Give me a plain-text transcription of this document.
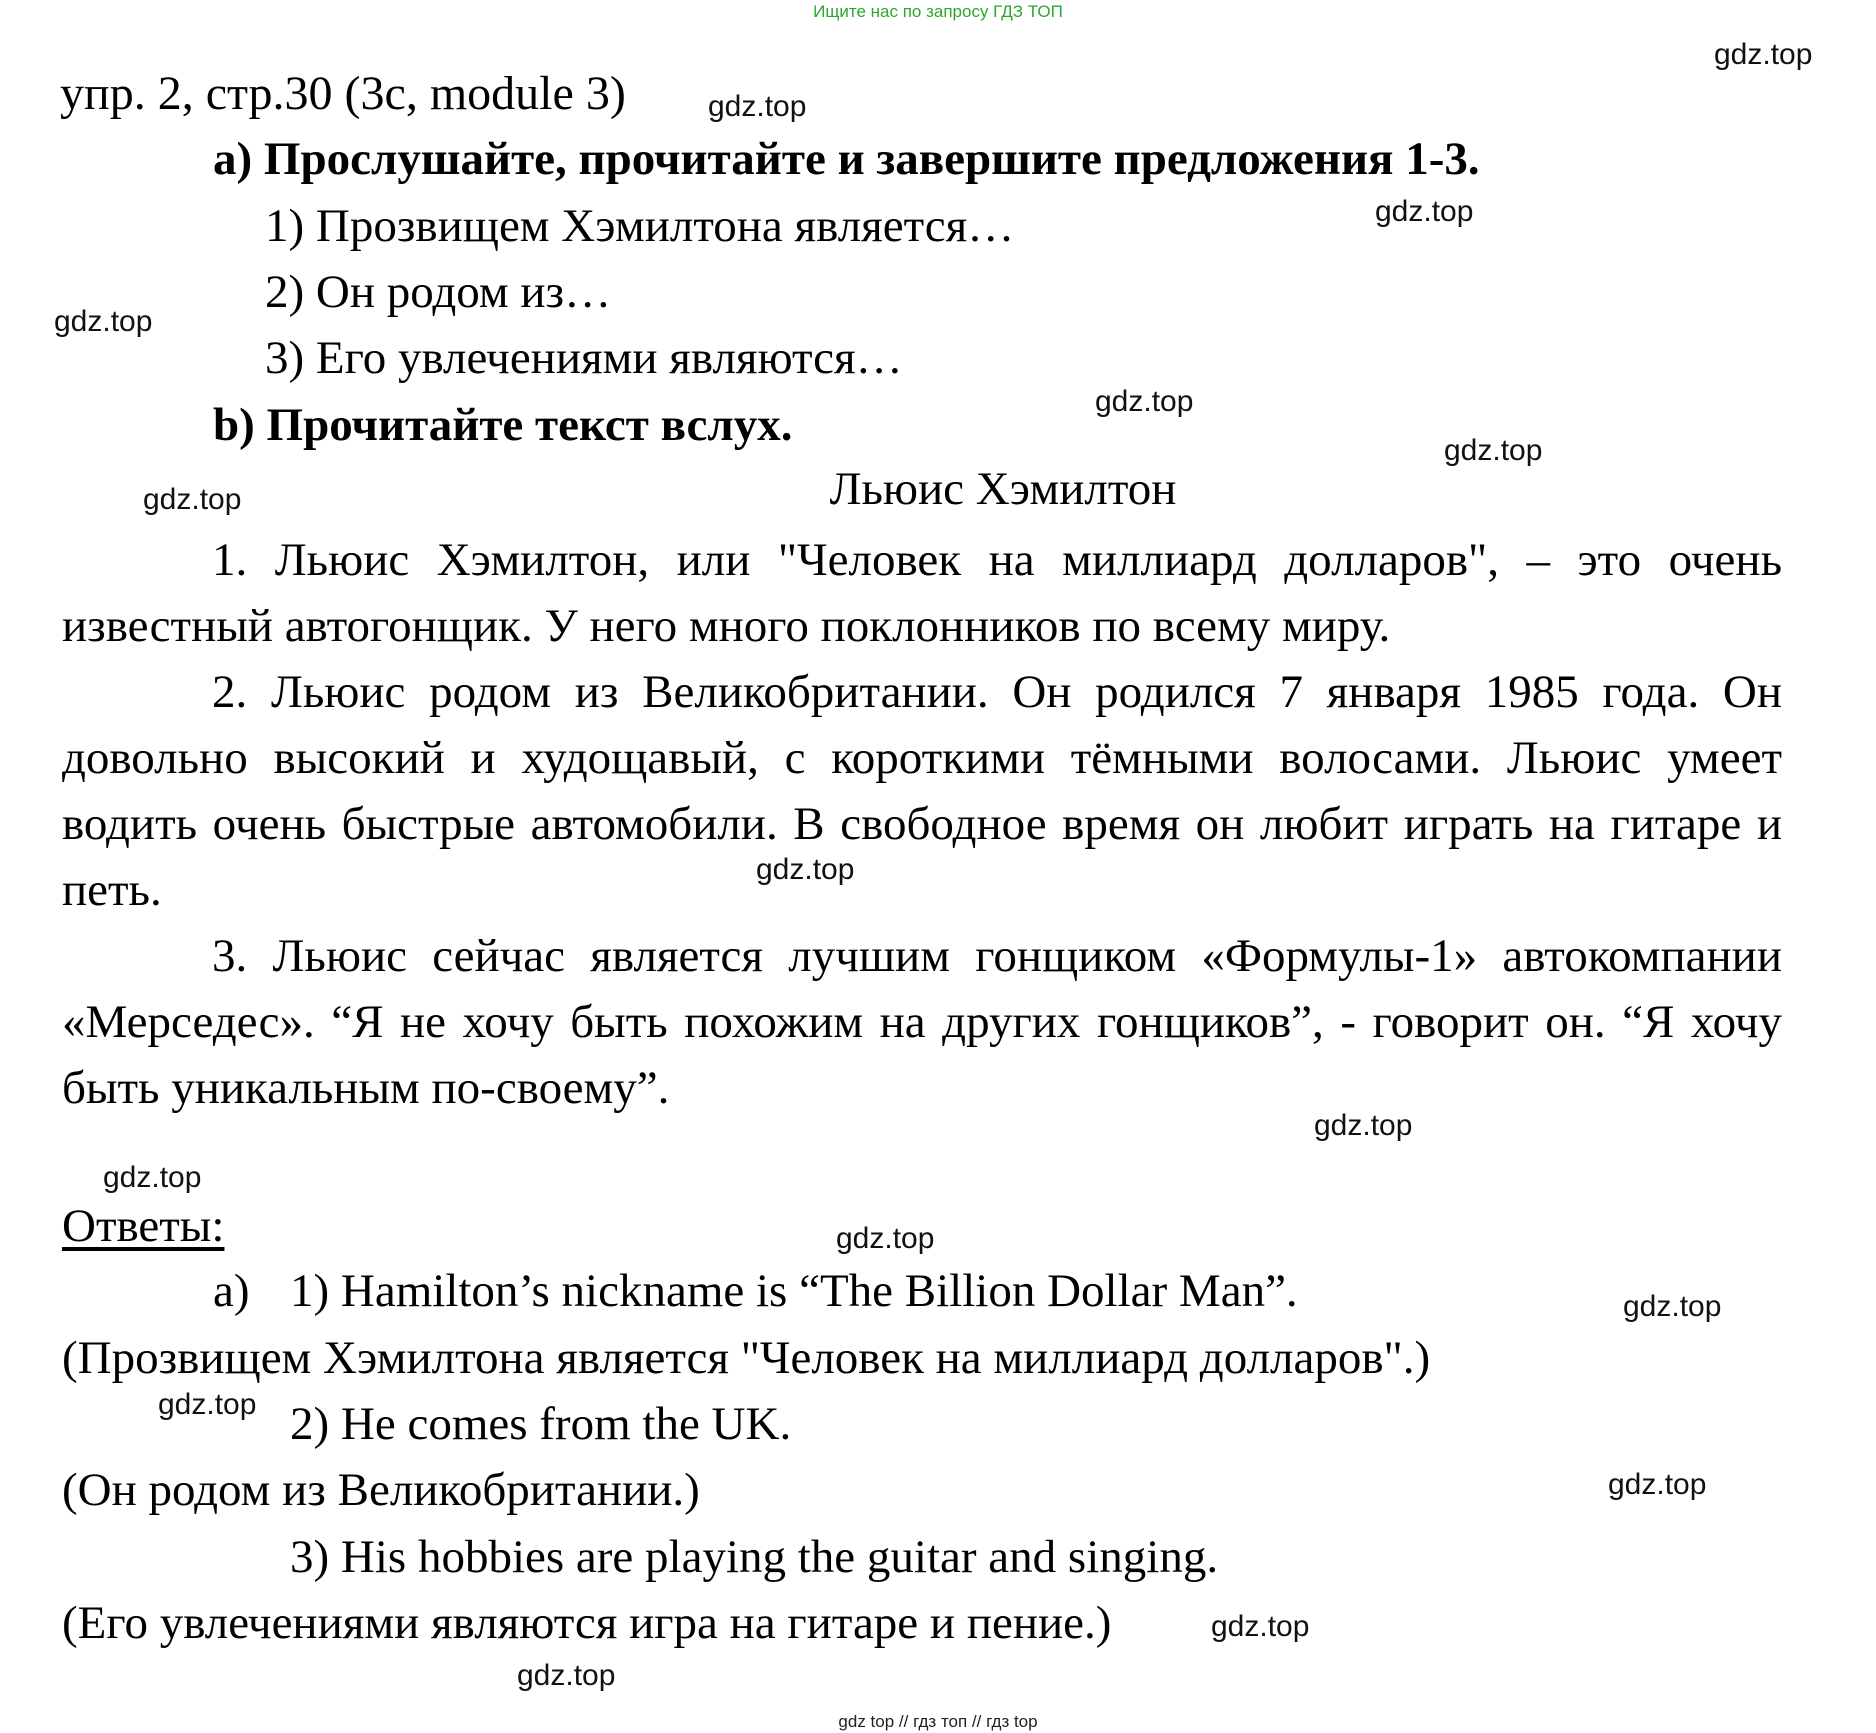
Ищите нас по запросу ГДЗ ТОП
упр. 2, стр.30 (3c, module 3)
a) Прослушайте, прочитайте и завершите предложения 1-3.
1) Прозвищем Хэмилтона является…
2) Он родом из…
3) Его увлечениями являются…
b) Прочитайте текст вслух.
Льюис Хэмилтон
1. Льюис Хэмилтон, или "Человек на миллиард долларов", – это очень известный автогонщик. У него много поклонников по всему миру.
2. Льюис родом из Великобритании. Он родился 7 января 1985 года. Он довольно высокий и худощавый, с короткими тёмными волосами. Льюис умеет водить очень быстрые автомобили. В свободное время он любит играть на гитаре и петь.
3. Льюис сейчас является лучшим гонщиком «Формулы-1» автокомпании «Мерседес». “Я не хочу быть похожим на других гонщиков”, - говорит он. “Я хочу быть уникальным по-своему”.
Ответы:
a) 1) Hamilton’s nickname is “The Billion Dollar Man”.
(Прозвищем Хэмилтона является "Человек на миллиард долларов".)
2) He comes from the UK.
(Он родом из Великобритании.)
3) His hobbies are playing the guitar and singing.
(Его увлечениями являются игра на гитаре и пение.)
gdz.top
gdz.top
gdz.top
gdz.top
gdz.top
gdz.top
gdz.top
gdz.top
gdz.top
gdz.top
gdz.top
gdz.top
gdz.top
gdz.top
gdz.top
gdz.top
gdz top // гдз топ // гдз top
